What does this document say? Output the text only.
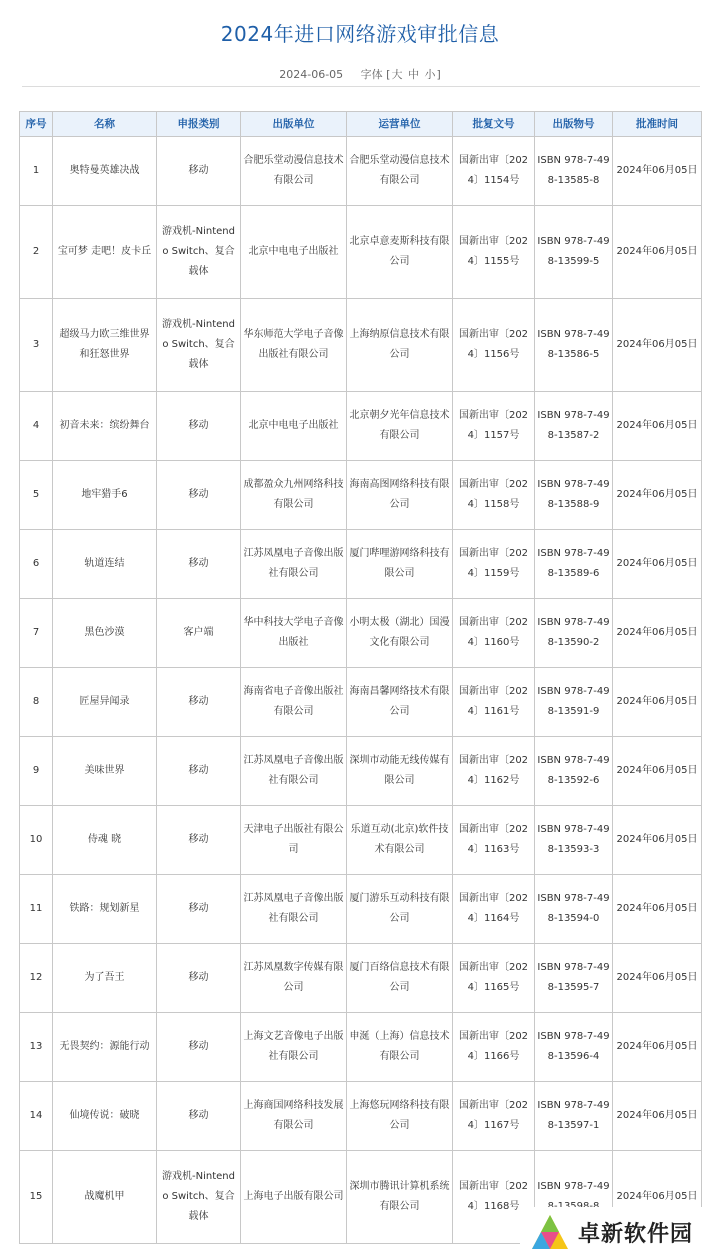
2024年进口网络游戏审批信息
2024-06-05 字体 [大 中 小]
序号	名称	申报类别	出版单位	运营单位	批复文号	出版物号	批准时间
1	奥特曼英雄决战	移动	合肥乐堂动漫信息技术有限公司	合肥乐堂动漫信息技术有限公司	国新出审〔2024〕1154号	ISBN 978-7-498-13585-8	2024年06月05日
2	宝可梦 走吧！皮卡丘	游戏机-Nintendo Switch、复合载体	北京中电电子出版社	北京卓意麦斯科技有限公司	国新出审〔2024〕1155号	ISBN 978-7-498-13599-5	2024年06月05日
3	超级马力欧三维世界和狂怒世界	游戏机-Nintendo Switch、复合载体	华东师范大学电子音像出版社有限公司	上海纳原信息技术有限公司	国新出审〔2024〕1156号	ISBN 978-7-498-13586-5	2024年06月05日
4	初音未来：缤纷舞台	移动	北京中电电子出版社	北京朝夕光年信息技术有限公司	国新出审〔2024〕1157号	ISBN 978-7-498-13587-2	2024年06月05日
5	地牢猎手6	移动	成都盈众九州网络科技有限公司	海南高图网络科技有限公司	国新出审〔2024〕1158号	ISBN 978-7-498-13588-9	2024年06月05日
6	轨道连结	移动	江苏凤凰电子音像出版社有限公司	厦门哔哩游网络科技有限公司	国新出审〔2024〕1159号	ISBN 978-7-498-13589-6	2024年06月05日
7	黑色沙漠	客户端	华中科技大学电子音像出版社	小明太极（湖北）国漫文化有限公司	国新出审〔2024〕1160号	ISBN 978-7-498-13590-2	2024年06月05日
8	匠屋异闻录	移动	海南省电子音像出版社有限公司	海南昌馨网络技术有限公司	国新出审〔2024〕1161号	ISBN 978-7-498-13591-9	2024年06月05日
9	美味世界	移动	江苏凤凰电子音像出版社有限公司	深圳市动能无线传媒有限公司	国新出审〔2024〕1162号	ISBN 978-7-498-13592-6	2024年06月05日
10	侍魂 晓	移动	天津电子出版社有限公司	乐道互动(北京)软件技术有限公司	国新出审〔2024〕1163号	ISBN 978-7-498-13593-3	2024年06月05日
11	铁路：规划新星	移动	江苏凤凰电子音像出版社有限公司	厦门游乐互动科技有限公司	国新出审〔2024〕1164号	ISBN 978-7-498-13594-0	2024年06月05日
12	为了吾王	移动	江苏凤凰数字传媒有限公司	厦门百络信息技术有限公司	国新出审〔2024〕1165号	ISBN 978-7-498-13595-7	2024年06月05日
13	无畏契约：源能行动	移动	上海文艺音像电子出版社有限公司	申涎（上海）信息技术有限公司	国新出审〔2024〕1166号	ISBN 978-7-498-13596-4	2024年06月05日
14	仙境传说：破晓	移动	上海商国网络科技发展有限公司	上海悠玩网络科技有限公司	国新出审〔2024〕1167号	ISBN 978-7-498-13597-1	2024年06月05日
15	战魔机甲	游戏机-Nintendo Switch、复合载体	上海电子出版有限公司	深圳市腾讯计算机系统有限公司	国新出审〔2024〕1168号	ISBN 978-7-49	2024年06月05日
卓新软件园
